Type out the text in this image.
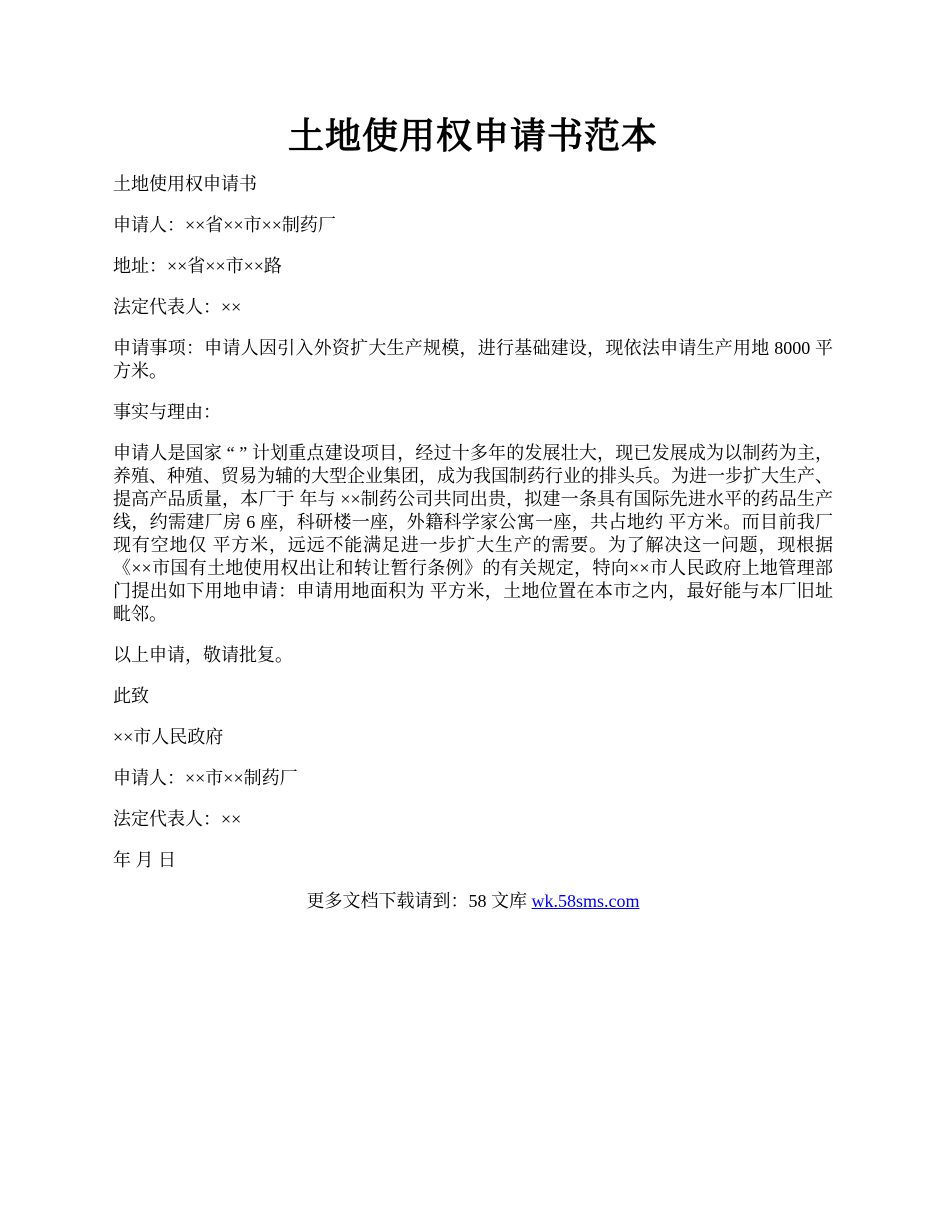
土地使用权申请书范本

土地使用权申请书

申请人：××省××市××制药厂

地址：××省××市××路

法定代表人：××

申请事项：申请人因引入外资扩大生产规模，进行基础建设，现依法申请生产用地 8000 平方米。

事实与理由：

申请人是国家 “ ” 计划重点建设项目，经过十多年的发展壮大，现已发展成为以制药为主，养殖、种殖、贸易为辅的大型企业集团，成为我国制药行业的排头兵。为进一步扩大生产、提高产品质量，本厂于 年与 ××制药公司共同出贵，拟建一条具有国际先进水平的药品生产线，约需建厂房 6 座，科研楼一座，外籍科学家公寓一座，共占地约 平方米。而目前我厂现有空地仅 平方米，远远不能满足进一步扩大生产的需要。为了解决这一问题，现根据《××市国有土地使用权出让和转让暂行条例》的有关规定，特向××市人民政府上地管理部门提出如下用地申请：申请用地面积为 平方米，土地位置在本市之内，最好能与本厂旧址毗邻。

以上申请，敬请批复。

此致

××市人民政府

申请人：××市××制药厂

法定代表人：××

年 月 日

更多文档下载请到：58 文库 wk.58sms.com
